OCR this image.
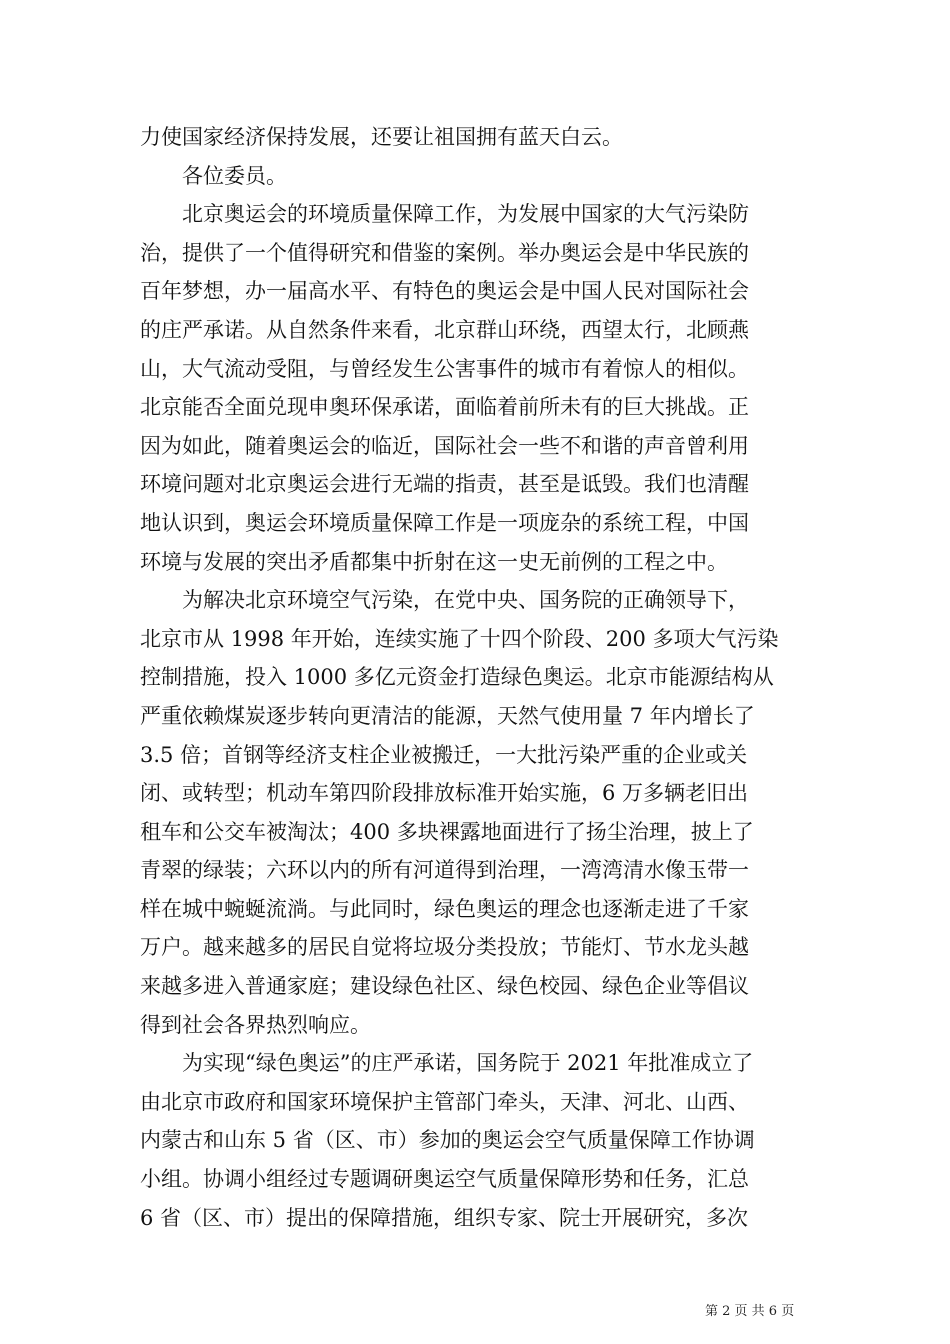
力使国家经济保持发展，还要让祖国拥有蓝天白云。
　　各位委员。
　　北京奥运会的环境质量保障工作，为发展中国家的大气污染防
治，提供了一个值得研究和借鉴的案例。举办奥运会是中华民族的
百年梦想，办一届高水平、有特色的奥运会是中国人民对国际社会
的庄严承诺。从自然条件来看，北京群山环绕，西望太行，北顾燕
山，大气流动受阻，与曾经发生公害事件的城市有着惊人的相似。
北京能否全面兑现申奥环保承诺，面临着前所未有的巨大挑战。正
因为如此，随着奥运会的临近，国际社会一些不和谐的声音曾利用
环境问题对北京奥运会进行无端的指责，甚至是诋毁。我们也清醒
地认识到，奥运会环境质量保障工作是一项庞杂的系统工程，中国
环境与发展的突出矛盾都集中折射在这一史无前例的工程之中。
　　为解决北京环境空气污染，在党中央、国务院的正确领导下，
北京市从 1998 年开始，连续实施了十四个阶段、200 多项大气污染
控制措施，投入 1000 多亿元资金打造绿色奥运。北京市能源结构从
严重依赖煤炭逐步转向更清洁的能源，天然气使用量 7 年内增长了
3.5 倍；首钢等经济支柱企业被搬迁，一大批污染严重的企业或关
闭、或转型；机动车第四阶段排放标准开始实施，6 万多辆老旧出
租车和公交车被淘汰；400 多块裸露地面进行了扬尘治理，披上了
青翠的绿装；六环以内的所有河道得到治理，一湾湾清水像玉带一
样在城中蜿蜒流淌。与此同时，绿色奥运的理念也逐渐走进了千家
万户。越来越多的居民自觉将垃圾分类投放；节能灯、节水龙头越
来越多进入普通家庭；建设绿色社区、绿色校园、绿色企业等倡议
得到社会各界热烈响应。
　　为实现“绿色奥运”的庄严承诺，国务院于 2021 年批准成立了
由北京市政府和国家环境保护主管部门牵头，天津、河北、山西、
内蒙古和山东 5 省（区、市）参加的奥运会空气质量保障工作协调
小组。协调小组经过专题调研奥运空气质量保障形势和任务，汇总
6 省（区、市）提出的保障措施，组织专家、院士开展研究，多次
第 2 页 共 6 页
